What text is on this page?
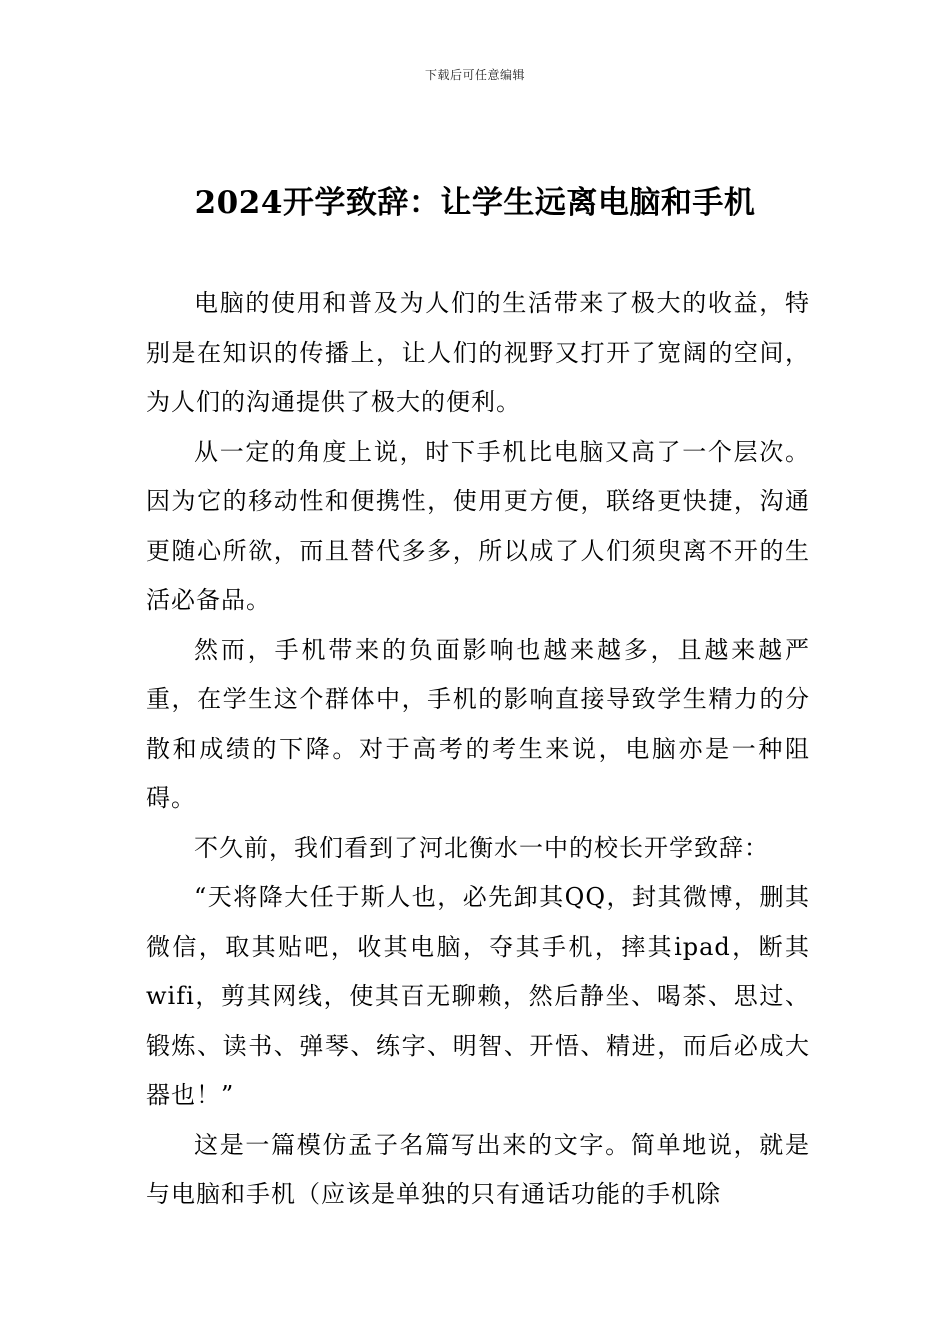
下载后可任意编辑
2024开学致辞：让学生远离电脑和手机

电脑的使用和普及为人们的生活带来了极大的收益，特别是在知识的传播上，让人们的视野又打开了宽阔的空间，为人们的沟通提供了极大的便利。

从一定的角度上说，时下手机比电脑又高了一个层次。因为它的移动性和便携性，使用更方便，联络更快捷，沟通更随心所欲，而且替代多多，所以成了人们须臾离不开的生活必备品。

然而，手机带来的负面影响也越来越多，且越来越严重，在学生这个群体中，手机的影响直接导致学生精力的分散和成绩的下降。对于高考的考生来说，电脑亦是一种阻碍。

不久前，我们看到了河北衡水一中的校长开学致辞：

“天将降大任于斯人也，必先卸其QQ，封其微博，删其微信，取其贴吧，收其电脑，夺其手机，摔其ipad，断其wifi，剪其网线，使其百无聊赖，然后静坐、喝茶、思过、锻炼、读书、弹琴、练字、明智、开悟、精进，而后必成大器也！”

这是一篇模仿孟子名篇写出来的文字。简单地说，就是与电脑和手机（应该是单独的只有通话功能的手机除
